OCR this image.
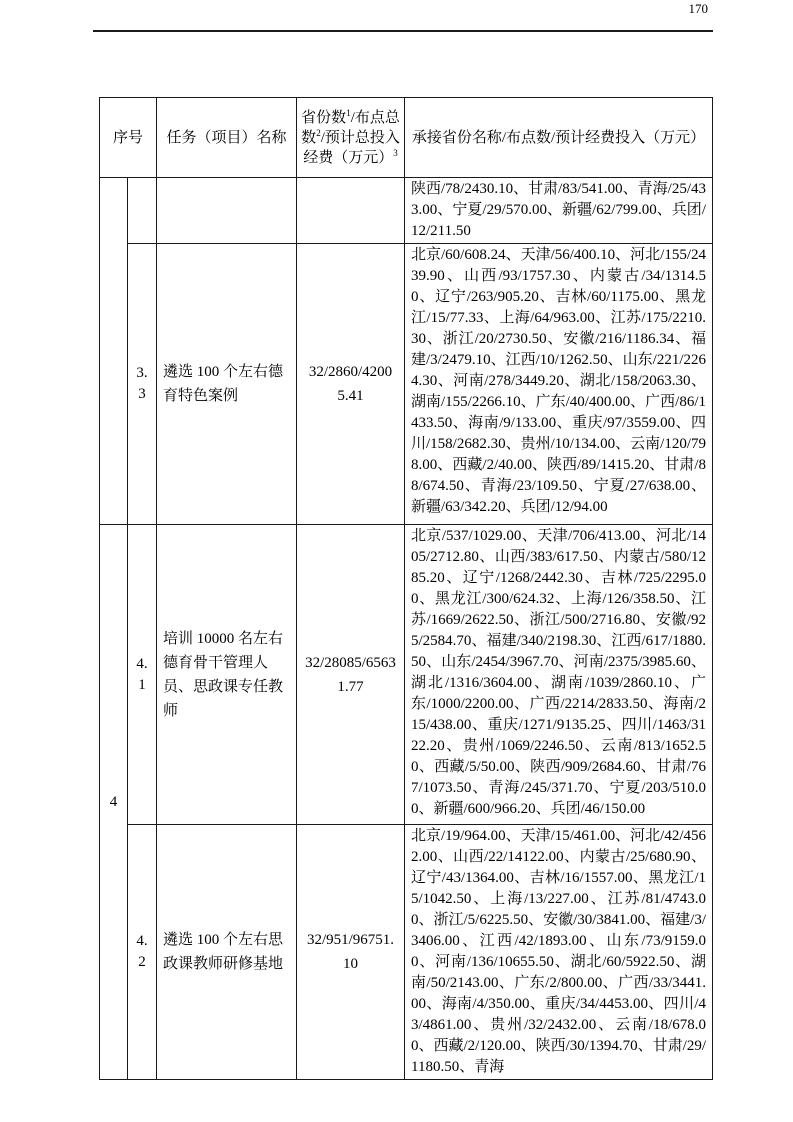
170
序号		任务（项目）名称	省份数$^1$/布点总数$^2$/预计总投入经费（万元）$^3$	承接省份名称/布点数/预计经费投入（万元）
				陕西/78/2430.10、甘肃/83/541.00、青海/25/433.00、宁夏/29/570.00、新疆/62/799.00、兵团/12/211.50
	3.3	遴选 100 个左右德育特色案例	32/2860/42005.41	北京/60/608.24、天津/56/400.10、河北/155/2439.90、山西/93/1757.30、内蒙古/34/1314.50、辽宁/263/905.20、吉林/60/1175.00、黑龙江/15/77.33、上海/64/963.00、江苏/175/2210.30、浙江/20/2730.50、安徽/216/1186.34、福建/3/2479.10、江西/10/1262.50、山东/221/2264.30、河南/278/3449.20、湖北/158/2063.30、湖南/155/2266.10、广东/40/400.00、广西/86/1433.50、海南/9/133.00、重庆/97/3559.00、四川/158/2682.30、贵州/10/134.00、云南/120/798.00、西藏/2/40.00、陕西/89/1415.20、甘肃/88/674.50、青海/23/109.50、宁夏/27/638.00、新疆/63/342.20、兵团/12/94.00
4	4.1	培训 10000 名左右德育骨干管理人员、思政课专任教师	32/28085/65631.77	北京/537/1029.00、天津/706/413.00、河北/1405/2712.80、山西/383/617.50、内蒙古/580/1285.20、辽宁/1268/2442.30、吉林/725/2295.00、黑龙江/300/624.32、上海/126/358.50、江苏/1669/2622.50、浙江/500/2716.80、安徽/925/2584.70、福建/340/2198.30、江西/617/1880.50、山东/2454/3967.70、河南/2375/3985.60、湖北/1316/3604.00、湖南/1039/2860.10、广东/1000/2200.00、广西/2214/2833.50、海南/215/438.00、重庆/1271/9135.25、四川/1463/3122.20、贵州/1069/2246.50、云南/813/1652.50、西藏/5/50.00、陕西/909/2684.60、甘肃/767/1073.50、青海/245/371.70、宁夏/203/510.00、新疆/600/966.20、兵团/46/150.00
	4.2	遴选 100 个左右思政课教师研修基地	32/951/96751.10	北京/19/964.00、天津/15/461.00、河北/42/4562.00、山西/22/14122.00、内蒙古/25/680.90、辽宁/43/1364.00、吉林/16/1557.00、黑龙江/15/1042.50、上海/13/227.00、江苏/81/4743.00、浙江/5/6225.50、安徽/30/3841.00、福建/3/3406.00、江西/42/1893.00、山东/73/9159.00、河南/136/10655.50、湖北/60/5922.50、湖南/50/2143.00、广东/2/800.00、广西/33/3441.00、海南/4/350.00、重庆/34/4453.00、四川/43/4861.00、贵州/32/2432.00、云南/18/678.00、西藏/2/120.00、陕西/30/1394.70、甘肃/29/1180.50、青海
